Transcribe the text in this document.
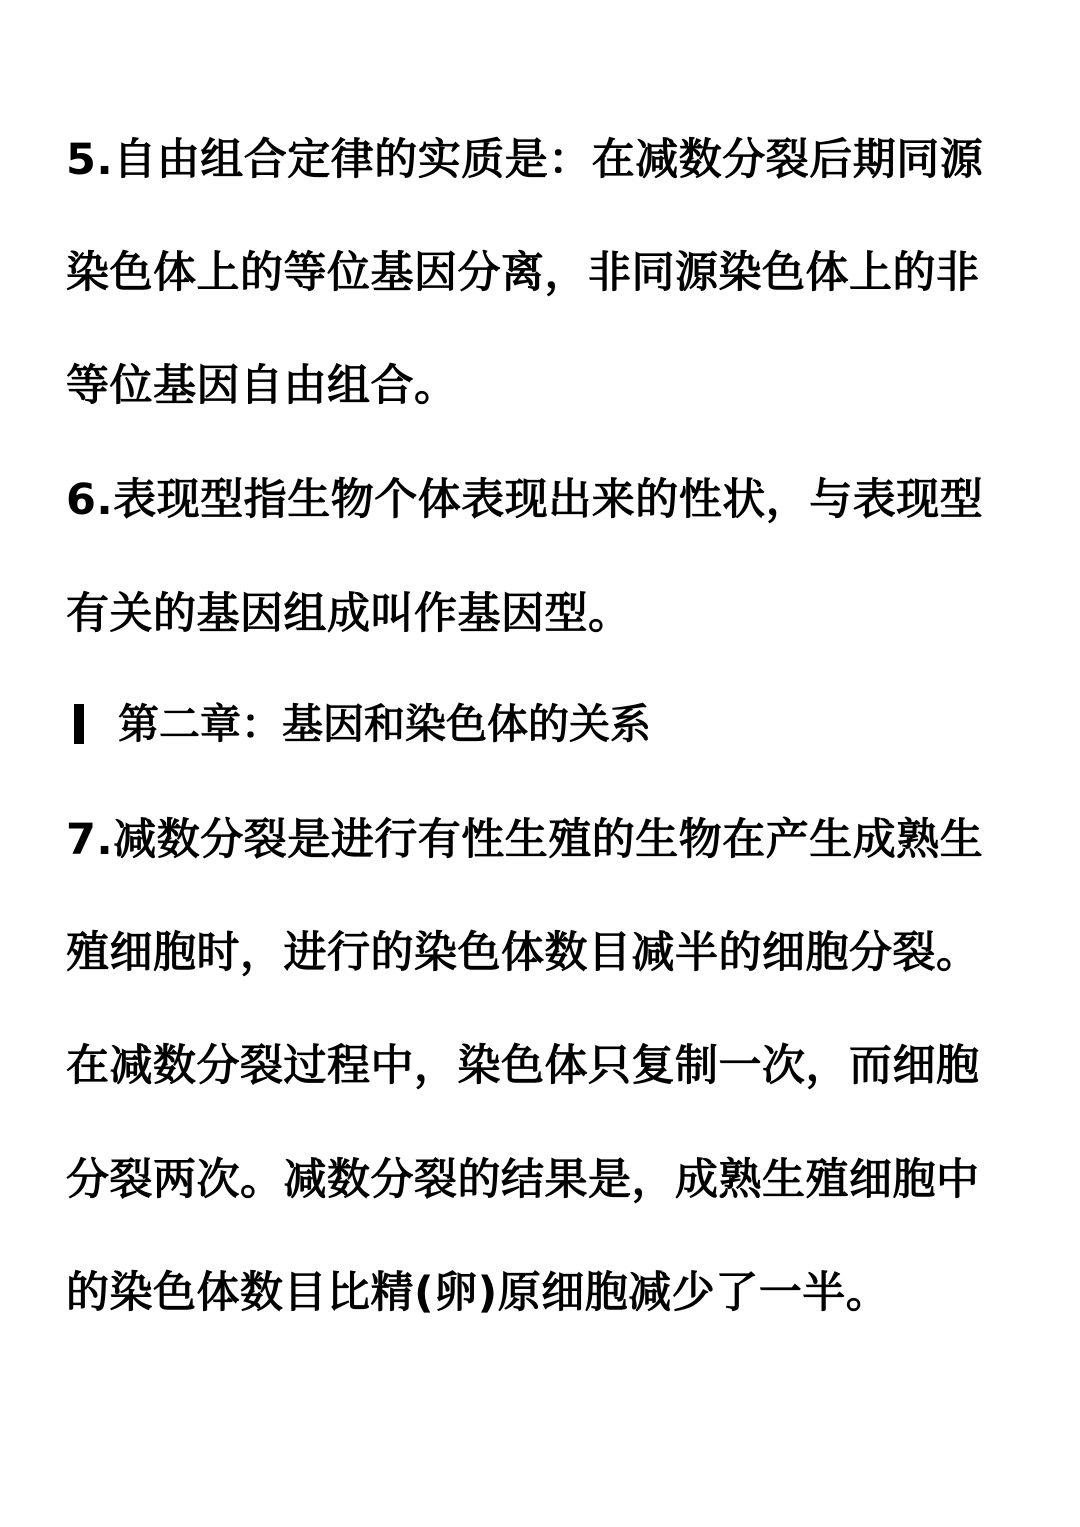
5.自由组合定律的实质是：在减数分裂后期同源
染色体上的等位基因分离，非同源染色体上的非
等位基因自由组合。
6.表现型指生物个体表现出来的性状，与表现型
有关的基因组成叫作基因型。
第二章：基因和染色体的关系
7.减数分裂是进行有性生殖的生物在产生成熟生
殖细胞时，进行的染色体数目减半的细胞分裂。
在减数分裂过程中，染色体只复制一次，而细胞
分裂两次。减数分裂的结果是，成熟生殖细胞中
的染色体数目比精(卵)原细胞减少了一半。
